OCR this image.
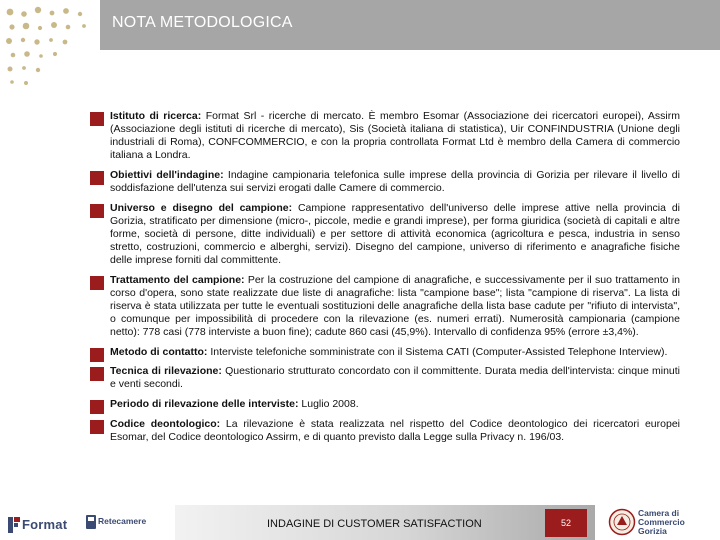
NOTA METODOLOGICA

Istituto di ricerca: Format Srl - ricerche di mercato. È membro Esomar (Associazione dei ricercatori europei), Assirm (Associazione degli istituti di ricerche di mercato), Sis (Società italiana di statistica), Uir CONFINDUSTRIA (Unione degli industriali di Roma), CONFCOMMERCIO, e con la propria controllata Format Ltd è membro della Camera di commercio italiana a Londra.

Obiettivi dell'indagine: Indagine campionaria telefonica sulle imprese della provincia di Gorizia per rilevare il livello di soddisfazione dell'utenza sui servizi erogati dalle Camere di commercio.

Universo e disegno del campione: Campione rappresentativo dell'universo delle imprese attive nella provincia di Gorizia, stratificato per dimensione (micro-, piccole, medie e grandi imprese), per forma giuridica (società di capitali e altre forme, società di persone, ditte individuali) e per settore di attività economica (agricoltura e pesca, industria in senso stretto, costruzioni, commercio e alberghi, servizi). Disegno del campione, universo di riferimento e anagrafiche fisiche delle imprese forniti dal committente.

Trattamento del campione: Per la costruzione del campione di anagrafiche, e successivamente per il suo trattamento in corso d'opera, sono state realizzate due liste di anagrafiche: lista "campione base"; lista "campione di riserva". La lista di riserva è stata utilizzata per tutte le eventuali sostituzioni delle anagrafiche della lista base cadute per "rifiuto di intervista", o comunque per impossibilità di procedere con la rilevazione (es. numeri errati). Numerosità campionaria (campione netto): 778 casi (778 interviste a buon fine); cadute 860 casi (45,9%). Intervallo di confidenza 95% (errore ±3,4%).

Metodo di contatto: Interviste telefoniche somministrate con il Sistema CATI (Computer-Assisted Telephone Interview).

Tecnica di rilevazione: Questionario strutturato concordato con il committente. Durata media dell'intervista: cinque minuti e venti secondi.

Periodo di rilevazione delle interviste: Luglio 2008.

Codice deontologico: La rilevazione è stata realizzata nel rispetto del Codice deontologico dei ricercatori europei Esomar, del Codice deontologico Assirm, e di quanto previsto dalla Legge sulla Privacy n. 196/03.

Format	Retecamere	INDAGINE DI CUSTOMER SATISFACTION	52
Camera di Commercio
Gorizia
